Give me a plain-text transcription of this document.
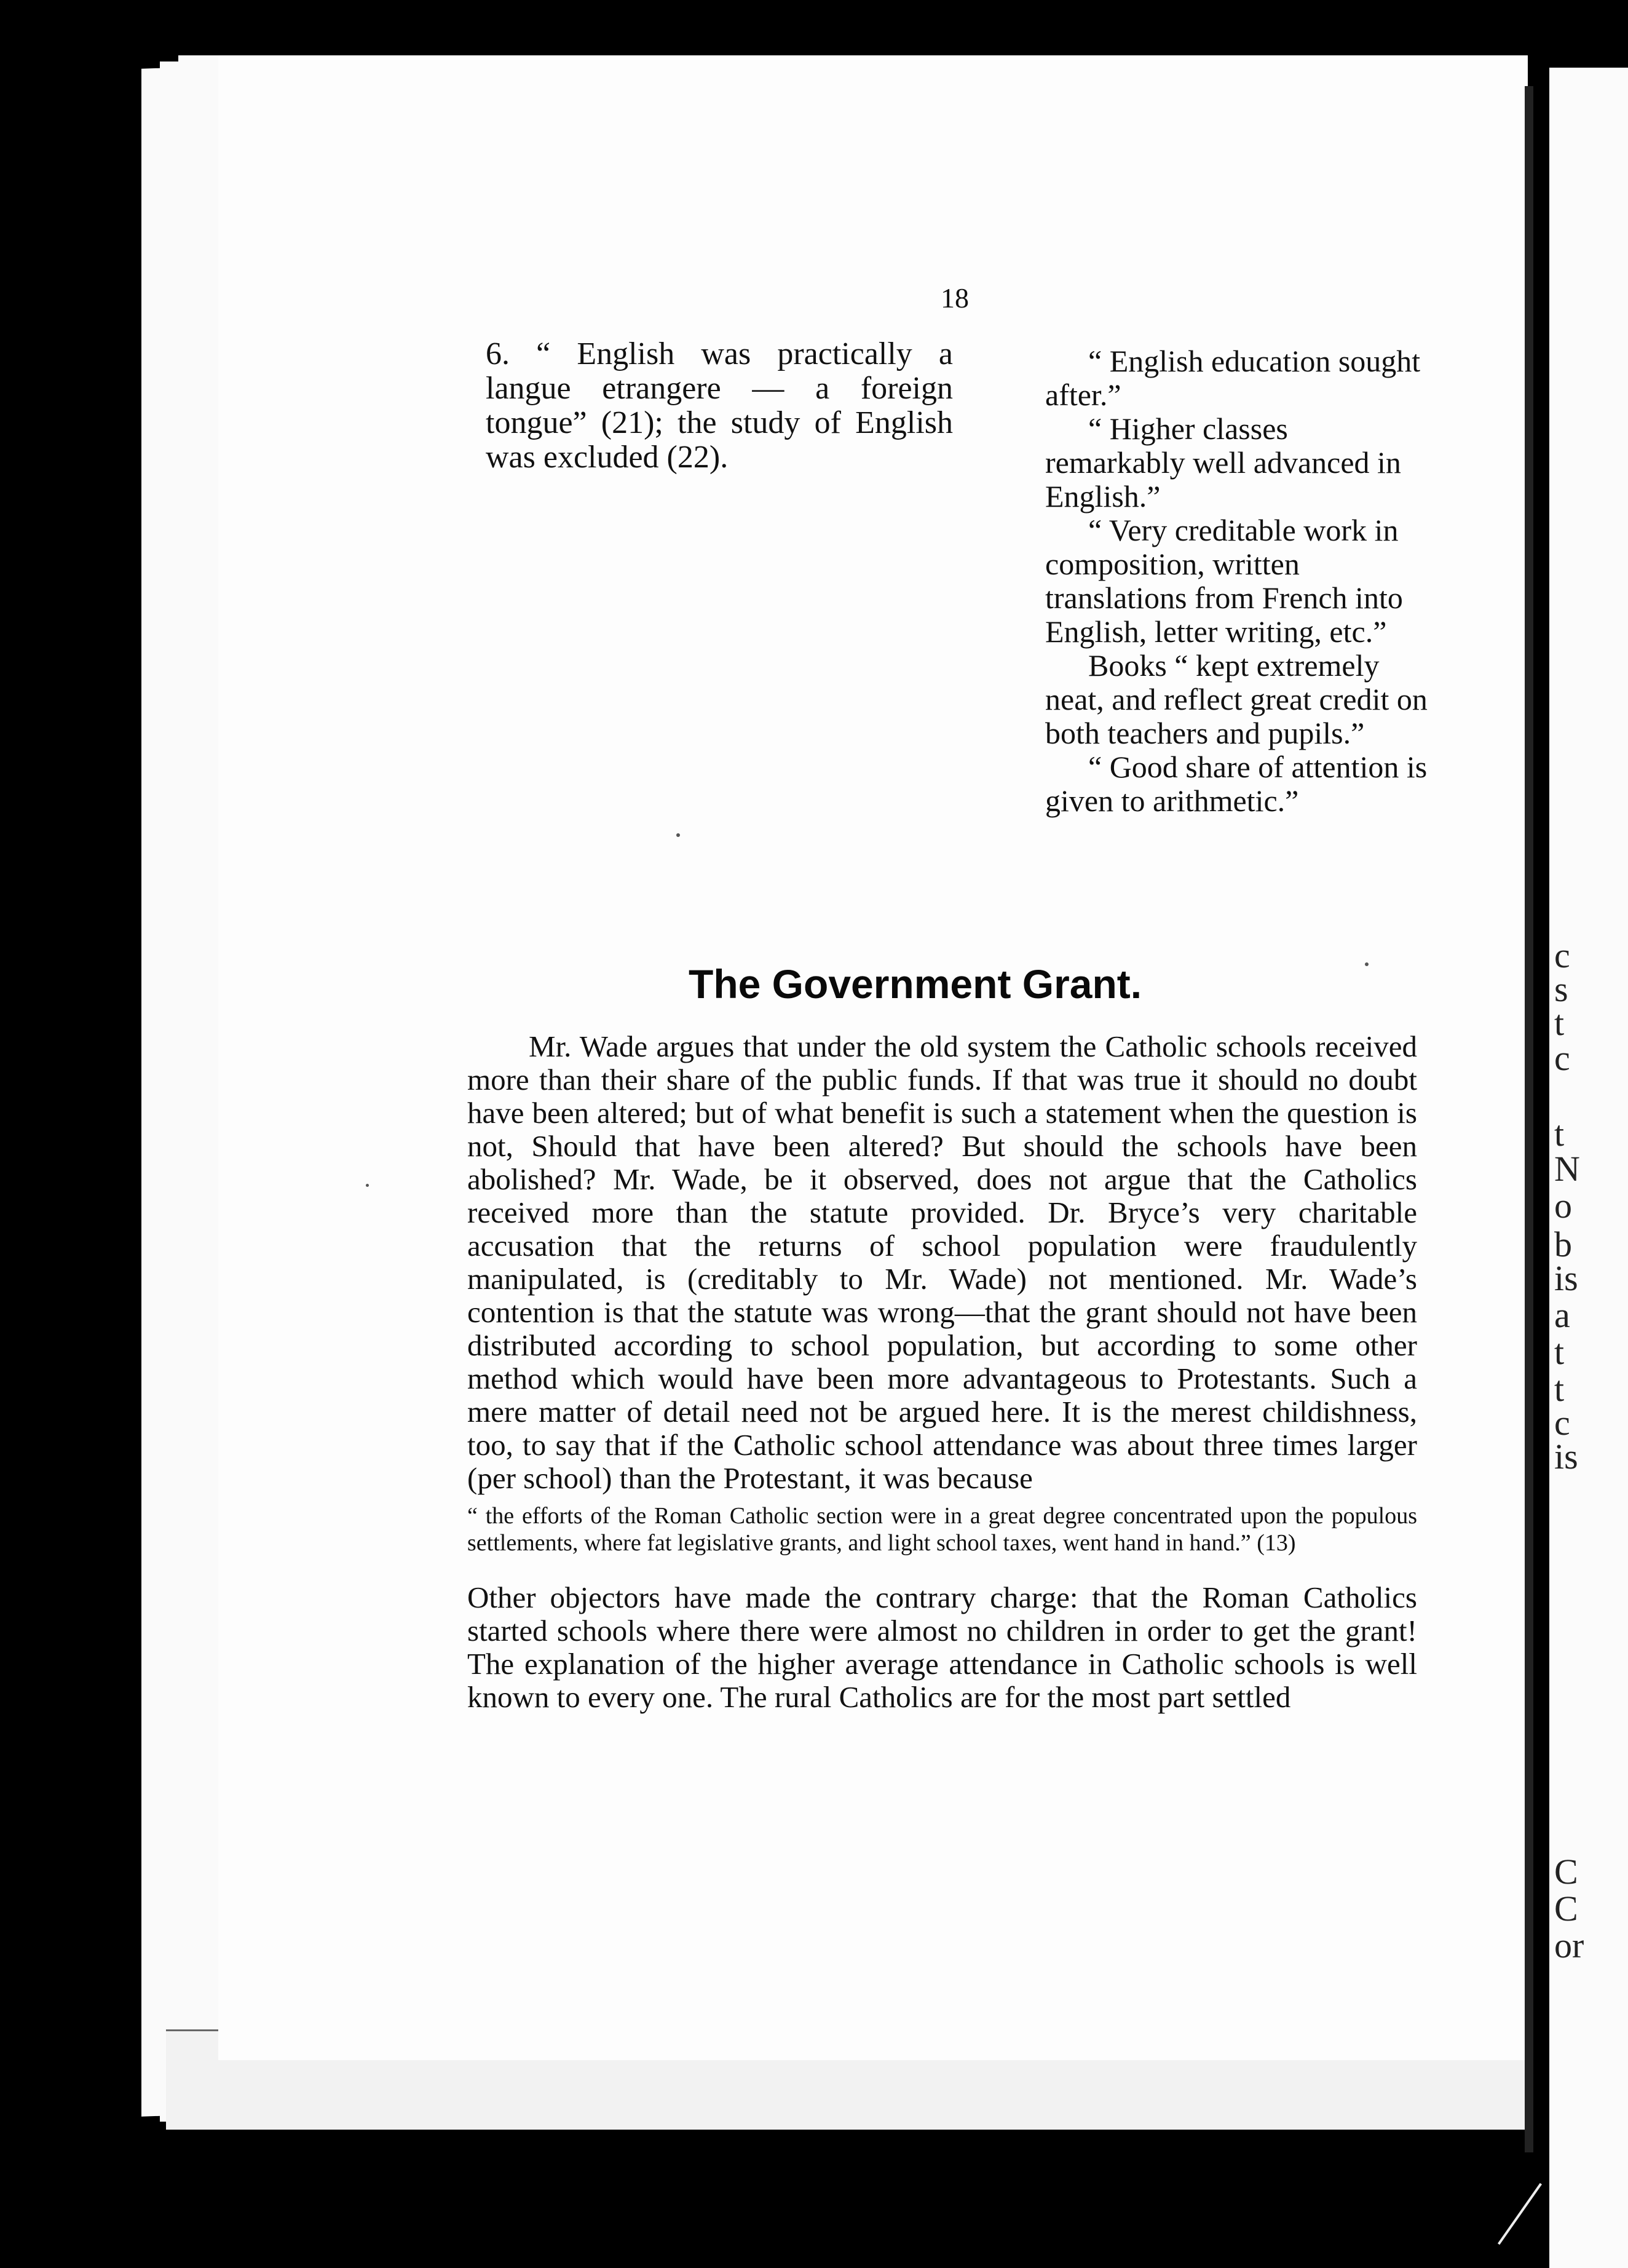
c
s
t
c
t
N
o
b
is
a
t
t
c
is
C
C
or
18

6. “ English was practically a langue etrangere — a foreign tongue” (21); the study of English was excluded (22).

“ English education sought after.”

“ Higher classes remarkably well advanced in English.”

“ Very creditable work in composition, written translations from French into English, letter writing, etc.”

Books “ kept extremely neat, and reflect great credit on both teachers and pupils.”

“ Good share of attention is given to arithmetic.”

The Government Grant.

Mr. Wade argues that under the old system the Catholic schools received more than their share of the public funds. If that was true it should no doubt have been altered; but of what benefit is such a statement when the question is not, Should that have been altered? But should the schools have been abolished? Mr. Wade, be it observed, does not argue that the Catholics received more than the statute provided. Dr. Bryce’s very charitable accusation that the returns of school population were fraudulently manipulated, is (creditably to Mr. Wade) not mentioned. Mr. Wade’s contention is that the statute was wrong—that the grant should not have been distributed according to school population, but according to some other method which would have been more advantageous to Protestants. Such a mere matter of detail need not be argued here. It is the merest childishness, too, to say that if the Catholic school attendance was about three times larger (per school) than the Protestant, it was because

“ the efforts of the Roman Catholic section were in a great degree concentrated upon the populous settlements, where fat legislative grants, and light school taxes, went hand in hand.” (13)

Other objectors have made the contrary charge: that the Roman Catholics started schools where there were almost no children in order to get the grant! The explanation of the higher average attendance in Catholic schools is well known to every one. The rural Catholics are for the most part settled
